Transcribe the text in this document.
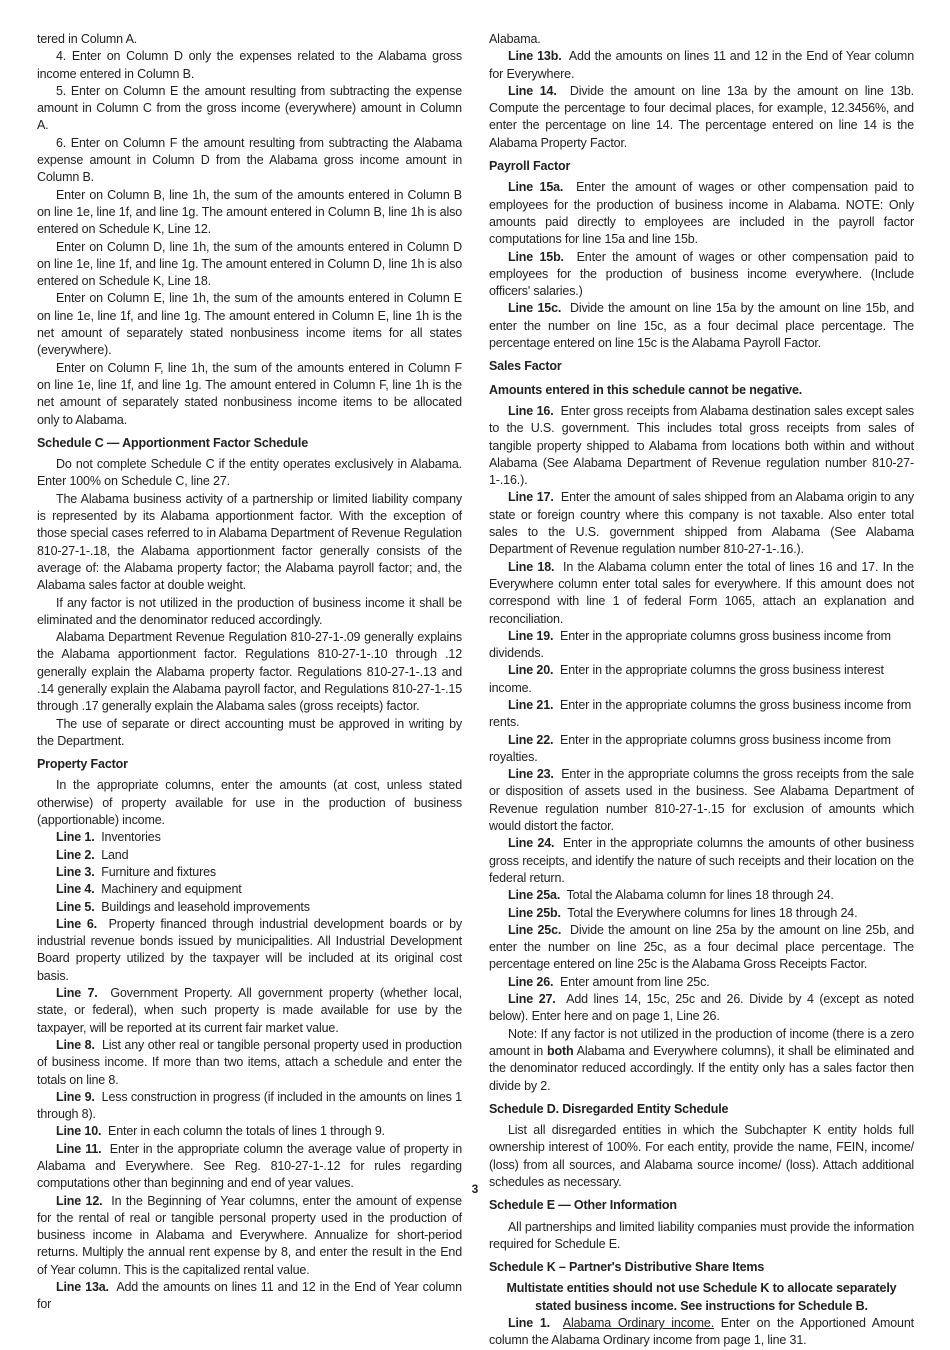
tered in Column A.

4. Enter on Column D only the expenses related to the Alabama gross income entered in Column B.

5. Enter on Column E the amount resulting from subtracting the expense amount in Column C from the gross income (everywhere) amount in Column A.

6. Enter on Column F the amount resulting from subtracting the Alabama expense amount in Column D from the Alabama gross income amount in Column B.

Enter on Column B, line 1h, the sum of the amounts entered in Column B on line 1e, line 1f, and line 1g. The amount entered in Column B, line 1h is also entered on Schedule K, Line 12.

Enter on Column D, line 1h, the sum of the amounts entered in Column D on line 1e, line 1f, and line 1g. The amount entered in Column D, line 1h is also entered on Schedule K, Line 18.

Enter on Column E, line 1h, the sum of the amounts entered in Column E on line 1e, line 1f, and line 1g. The amount entered in Column E, line 1h is the net amount of separately stated nonbusiness income items for all states (everywhere).

Enter on Column F, line 1h, the sum of the amounts entered in Column F on line 1e, line 1f, and line 1g. The amount entered in Column F, line 1h is the net amount of separately stated nonbusiness income items to be allocated only to Alabama.

Schedule C — Apportionment Factor Schedule

Do not complete Schedule C if the entity operates exclusively in Alabama. Enter 100% on Schedule C, line 27.

The Alabama business activity of a partnership or limited liability company is represented by its Alabama apportionment factor. With the exception of those special cases referred to in Alabama Department of Revenue Regulation 810-27-1-.18, the Alabama apportionment factor generally consists of the average of: the Alabama property factor; the Alabama payroll factor; and, the Alabama sales factor at double weight.

If any factor is not utilized in the production of business income it shall be eliminated and the denominator reduced accordingly.

Alabama Department Revenue Regulation 810-27-1-.09 generally explains the Alabama apportionment factor. Regulations 810-27-1-.10 through .12 generally explain the Alabama property factor. Regulations 810-27-1-.13 and .14 generally explain the Alabama payroll factor, and Regulations 810-27-1-.15 through .17 generally explain the Alabama sales (gross receipts) factor.

The use of separate or direct accounting must be approved in writing by the Department.

Property Factor

In the appropriate columns, enter the amounts (at cost, unless stated otherwise) of property available for use in the production of business (apportionable) income.

Line 1. Inventories

Line 2. Land

Line 3. Furniture and fixtures

Line 4. Machinery and equipment

Line 5. Buildings and leasehold improvements

Line 6. Property financed through industrial development boards or by industrial revenue bonds issued by municipalities. All Industrial Development Board property utilized by the taxpayer will be included at its original cost basis.

Line 7. Government Property. All government property (whether local, state, or federal), when such property is made available for use by the taxpayer, will be reported at its current fair market value.

Line 8. List any other real or tangible personal property used in production of business income. If more than two items, attach a schedule and enter the totals on line 8.

Line 9. Less construction in progress (if included in the amounts on lines 1 through 8).

Line 10. Enter in each column the totals of lines 1 through 9.

Line 11. Enter in the appropriate column the average value of property in Alabama and Everywhere. See Reg. 810-27-1-.12 for rules regarding computations other than beginning and end of year values.

Line 12. In the Beginning of Year columns, enter the amount of expense for the rental of real or tangible personal property used in the production of business income in Alabama and Everywhere. Annualize for short-period returns. Multiply the annual rent expense by 8, and enter the result in the End of Year column. This is the capitalized rental value.

Line 13a. Add the amounts on lines 11 and 12 in the End of Year column for

Alabama.

Line 13b. Add the amounts on lines 11 and 12 in the End of Year column for Everywhere.

Line 14. Divide the amount on line 13a by the amount on line 13b. Compute the percentage to four decimal places, for example, 12.3456%, and enter the percentage on line 14. The percentage entered on line 14 is the Alabama Property Factor.

Payroll Factor

Line 15a. Enter the amount of wages or other compensation paid to employees for the production of business income in Alabama. NOTE: Only amounts paid directly to employees are included in the payroll factor computations for line 15a and line 15b.

Line 15b. Enter the amount of wages or other compensation paid to employees for the production of business income everywhere. (Include officers' salaries.)

Line 15c. Divide the amount on line 15a by the amount on line 15b, and enter the number on line 15c, as a four decimal place percentage. The percentage entered on line 15c is the Alabama Payroll Factor.

Sales Factor
Amounts entered in this schedule cannot be negative.

Line 16. Enter gross receipts from Alabama destination sales except sales to the U.S. government. This includes total gross receipts from sales of tangible property shipped to Alabama from locations both within and without Alabama (See Alabama Department of Revenue regulation number 810-27-1-.16.).

Line 17. Enter the amount of sales shipped from an Alabama origin to any state or foreign country where this company is not taxable. Also enter total sales to the U.S. government shipped from Alabama (See Alabama Department of Revenue regulation number 810-27-1-.16.).

Line 18. In the Alabama column enter the total of lines 16 and 17. In the Everywhere column enter total sales for everywhere. If this amount does not correspond with line 1 of federal Form 1065, attach an explanation and reconciliation.

Line 19. Enter in the appropriate columns gross business income from dividends.

Line 20. Enter in the appropriate columns the gross business interest income.

Line 21. Enter in the appropriate columns the gross business income from rents.

Line 22. Enter in the appropriate columns gross business income from royalties.

Line 23. Enter in the appropriate columns the gross receipts from the sale or disposition of assets used in the business. See Alabama Department of Revenue regulation number 810-27-1-.15 for exclusion of amounts which would distort the factor.

Line 24. Enter in the appropriate columns the amounts of other business gross receipts, and identify the nature of such receipts and their location on the federal return.

Line 25a. Total the Alabama column for lines 18 through 24.

Line 25b. Total the Everywhere columns for lines 18 through 24.

Line 25c. Divide the amount on line 25a by the amount on line 25b, and enter the number on line 25c, as a four decimal place percentage. The percentage entered on line 25c is the Alabama Gross Receipts Factor.

Line 26. Enter amount from line 25c.

Line 27. Add lines 14, 15c, 25c and 26. Divide by 4 (except as noted below). Enter here and on page 1, Line 26.

Note: If any factor is not utilized in the production of income (there is a zero amount in both Alabama and Everywhere columns), it shall be eliminated and the denominator reduced accordingly. If the entity only has a sales factor then divide by 2.

Schedule D. Disregarded Entity Schedule

List all disregarded entities in which the Subchapter K entity holds full ownership interest of 100%. For each entity, provide the name, FEIN, income/ (loss) from all sources, and Alabama source income/ (loss). Attach additional schedules as necessary.

Schedule E — Other Information

All partnerships and limited liability companies must provide the information required for Schedule E.

Schedule K – Partner's Distributive Share Items
Multistate entities should not use Schedule K to allocate separately stated business income. See instructions for Schedule B.

Line 1. Alabama Ordinary income. Enter on the Apportioned Amount column the Alabama Ordinary income from page 1, line 31.

3
